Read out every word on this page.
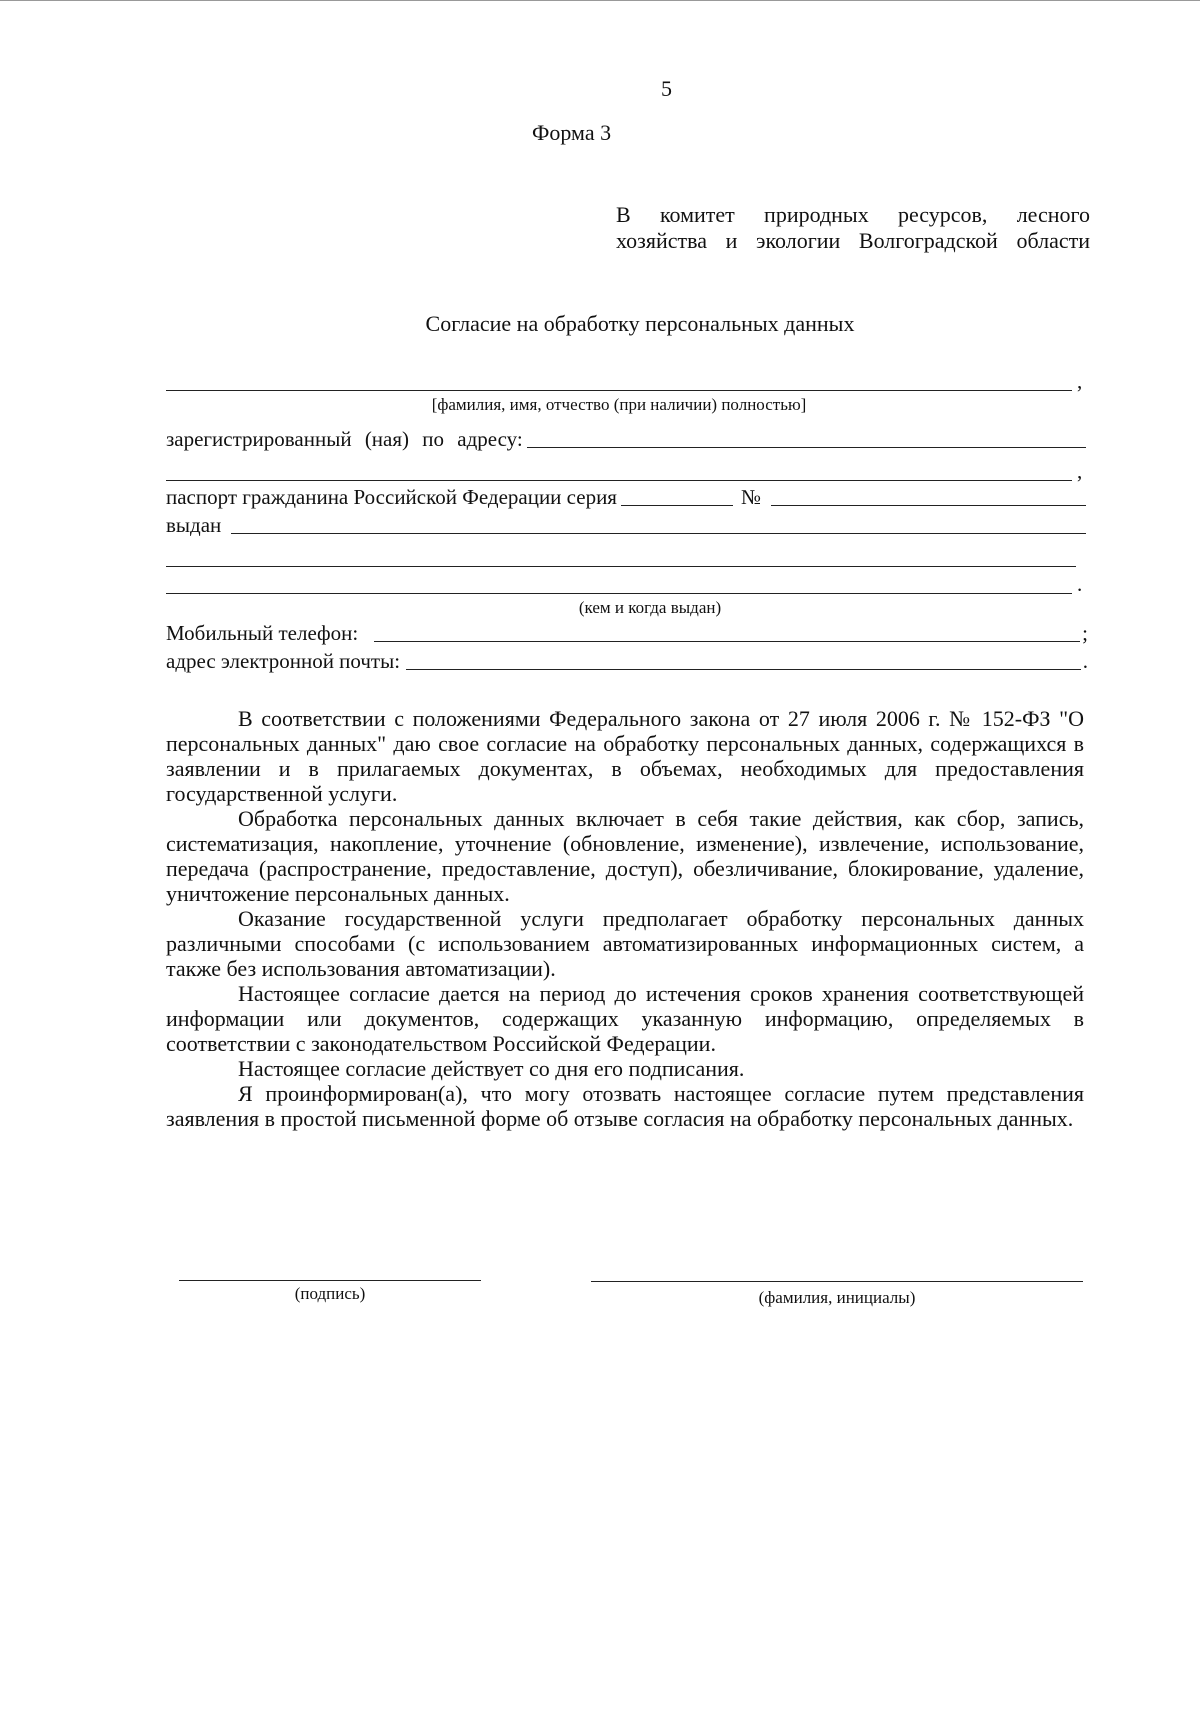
5
Форма 3
В комитет природных ресурсов, лесного
хозяйства и экологии Волгоградской области
Согласие на обработку персональных данных
,
[фамилия, имя, отчество (при наличии) полностью]
зарегистрированный (ная) по адресу:
,
паспорт гражданина Российской Федерации серия	№
выдан
.
(кем и когда выдан)
Мобильный телефон:	;
адрес электронной почты:	.

В соответствии с положениями Федерального закона от 27 июля 2006 г. № 152-ФЗ "О персональных данных" даю свое согласие на обработку персональных данных, содержащихся в заявлении и в прилагаемых документах, в объемах, необходимых для предоставления государственной услуги.

Обработка персональных данных включает в себя такие действия, как сбор, запись, систематизация, накопление, уточнение (обновление, изменение), извлечение, использование, передача (распространение, предоставление, доступ), обезличивание, блокирование, удаление, уничтожение персональных данных.

Оказание государственной услуги предполагает обработку персональных данных различными способами (с использованием автоматизированных информационных систем, а также без использования автоматизации).

Настоящее согласие дается на период до истечения сроков хранения соответствующей информации или документов, содержащих указанную информацию, определяемых в соответствии с законодательством Российской Федерации.

Настоящее согласие действует со дня его подписания.

Я проинформирован(а), что могу отозвать настоящее согласие путем представления заявления в простой письменной форме об отзыве согласия на обработку персональных данных.

(подпись)	(фамилия, инициалы)
